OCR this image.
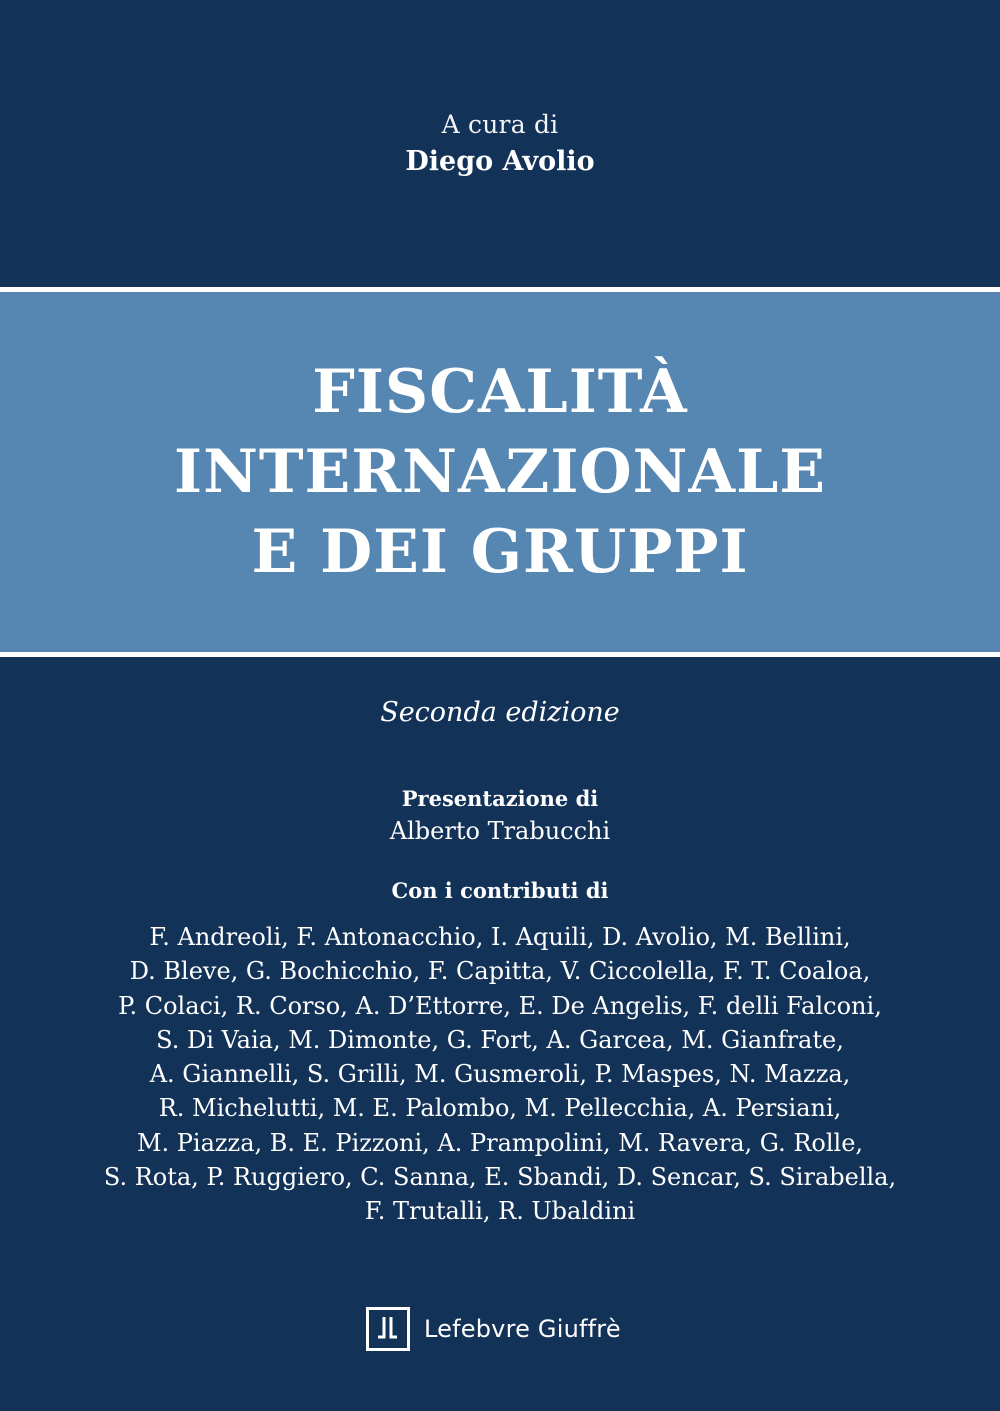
A cura di
Diego Avolio
FISCALITÀ
INTERNAZIONALE
E DEI GRUPPI
Seconda edizione
Presentazione di
Alberto Trabucchi
Con i contributi di
F. Andreoli, F. Antonacchio, I. Aquili, D. Avolio, M. Bellini,
D. Bleve, G. Bochicchio, F. Capitta, V. Ciccolella, F. T. Coaloa,
P. Colaci, R. Corso, A. D’Ettorre, E. De Angelis, F. delli Falconi,
S. Di Vaia, M. Dimonte, G. Fort, A. Garcea, M. Gianfrate,
A. Giannelli, S. Grilli, M. Gusmeroli, P. Maspes, N. Mazza,
R. Michelutti, M. E. Palombo, M. Pellecchia, A. Persiani,
M. Piazza, B. E. Pizzoni, A. Prampolini, M. Ravera, G. Rolle,
S. Rota, P. Ruggiero, C. Sanna, E. Sbandi, D. Sencar, S. Sirabella,
F. Trutalli, R. Ubaldini
Lefebvre Giuffrè
